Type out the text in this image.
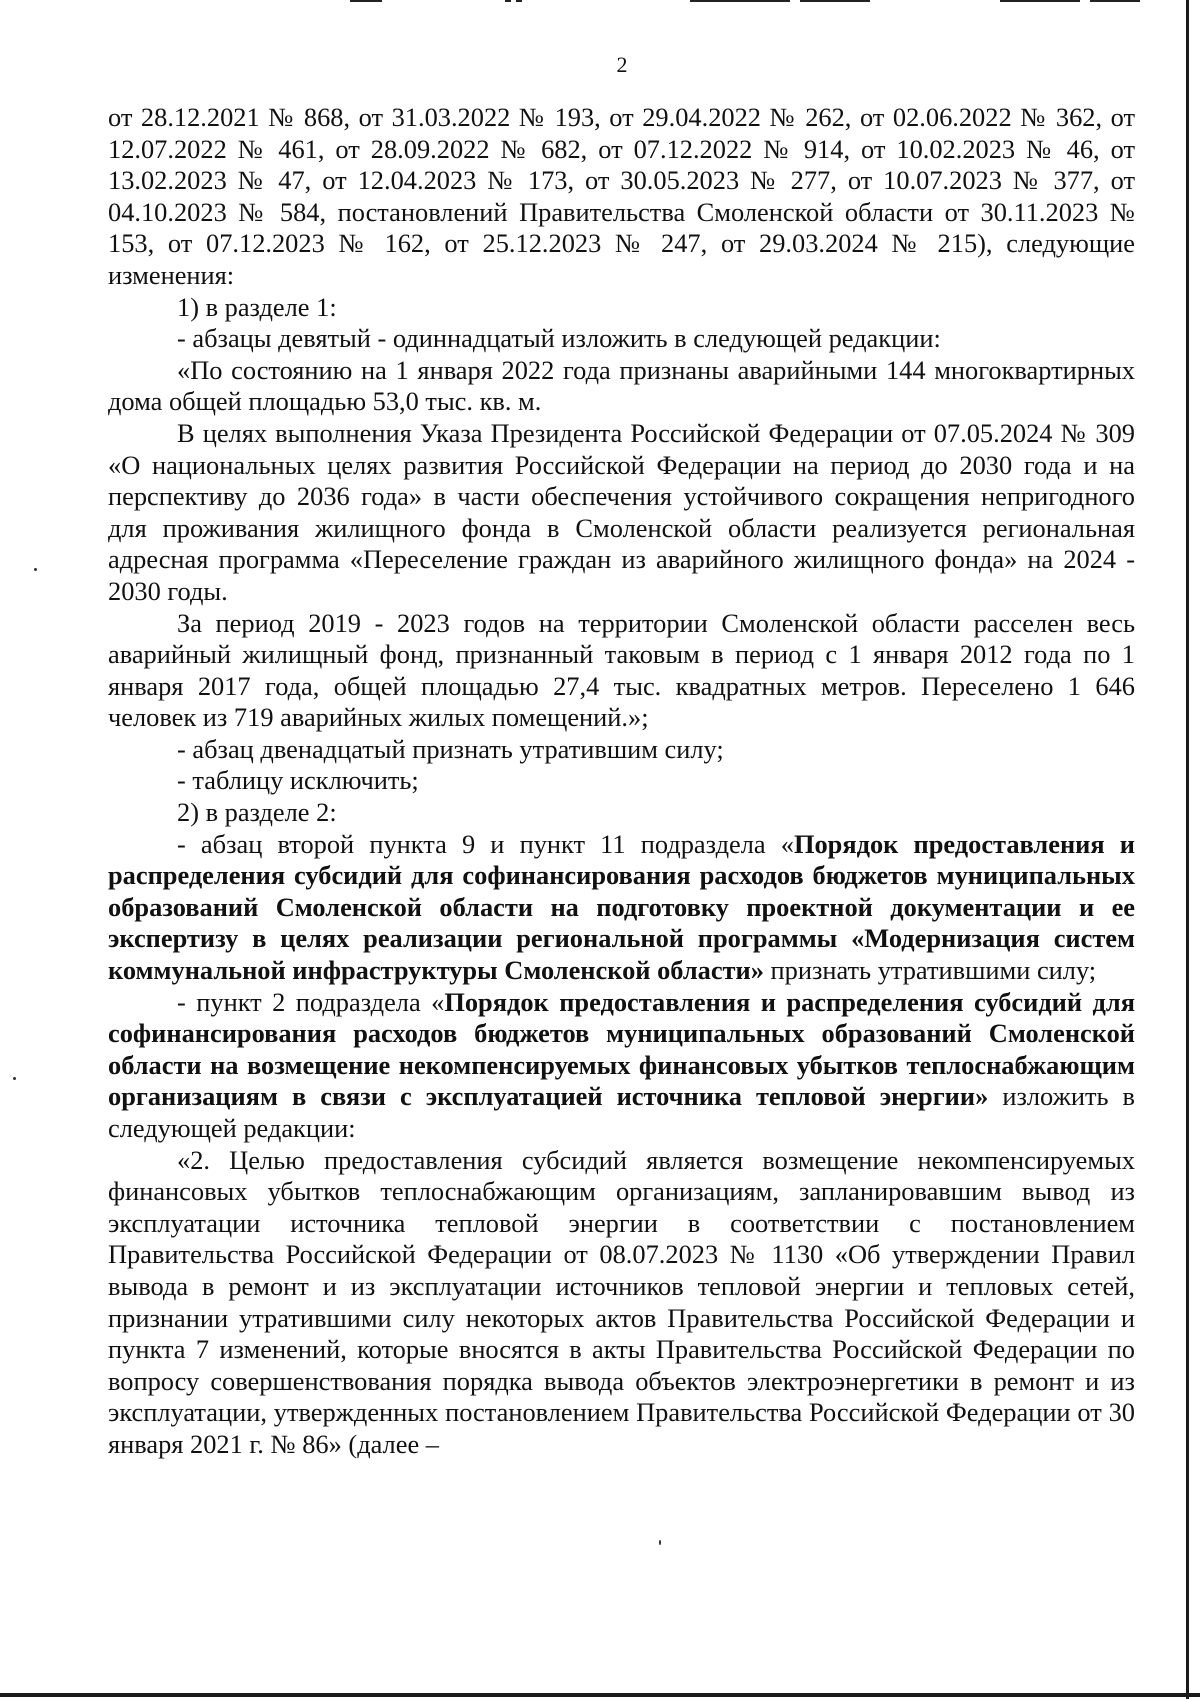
2

от 28.12.2021 № 868, от 31.03.2022 № 193, от 29.04.2022 № 262, от 02.06.2022 № 362, от 12.07.2022 № 461, от 28.09.2022 № 682, от 07.12.2022 № 914, от 10.02.2023 № 46, от 13.02.2023 № 47, от 12.04.2023 № 173, от 30.05.2023 № 277, от 10.07.2023 № 377, от 04.10.2023 № 584, постановлений Правительства Смоленской области от 30.11.2023 № 153, от 07.12.2023 № 162, от 25.12.2023 № 247, от 29.03.2024 № 215), следующие изменения:

1) в разделе 1:

- абзацы девятый - одиннадцатый изложить в следующей редакции:

«По состоянию на 1 января 2022 года признаны аварийными 144 многоквартирных дома общей площадью 53,0 тыс. кв. м.

В целях выполнения Указа Президента Российской Федерации от 07.05.2024 № 309 «О национальных целях развития Российской Федерации на период до 2030 года и на перспективу до 2036 года» в части обеспечения устойчивого сокращения непригодного для проживания жилищного фонда в Смоленской области реализуется региональная адресная программа «Переселение граждан из аварийного жилищного фонда» на 2024 - 2030 годы.

За период 2019 - 2023 годов на территории Смоленской области расселен весь аварийный жилищный фонд, признанный таковым в период с 1 января 2012 года по 1 января 2017 года, общей площадью 27,4 тыс. квадратных метров. Переселено 1 646 человек из 719 аварийных жилых помещений.»;

- абзац двенадцатый признать утратившим силу;

- таблицу исключить;

2) в разделе 2:

- абзац второй пункта 9 и пункт 11 подраздела «Порядок предоставления и распределения субсидий для софинансирования расходов бюджетов муниципальных образований Смоленской области на подготовку проектной документации и ее экспертизу в целях реализации региональной программы «Модернизация систем коммунальной инфраструктуры Смоленской области» признать утратившими силу;

- пункт 2 подраздела «Порядок предоставления и распределения субсидий для софинансирования расходов бюджетов муниципальных образований Смоленской области на возмещение некомпенсируемых финансовых убытков теплоснабжающим организациям в связи с эксплуатацией источника тепловой энергии» изложить в следующей редакции:

«2. Целью предоставления субсидий является возмещение некомпенсируемых финансовых убытков теплоснабжающим организациям, запланировавшим вывод из эксплуатации источника тепловой энергии в соответствии с постановлением Правительства Российской Федерации от 08.07.2023 № 1130 «Об утверждении Правил вывода в ремонт и из эксплуатации источников тепловой энергии и тепловых сетей, признании утратившими силу некоторых актов Правительства Российской Федерации и пункта 7 изменений, которые вносятся в акты Правительства Российской Федерации по вопросу совершенствования порядка вывода объектов электроэнергетики в ремонт и из эксплуатации, утвержденных постановлением Правительства Российской Федерации от 30 января 2021 г. № 86» (далее –
